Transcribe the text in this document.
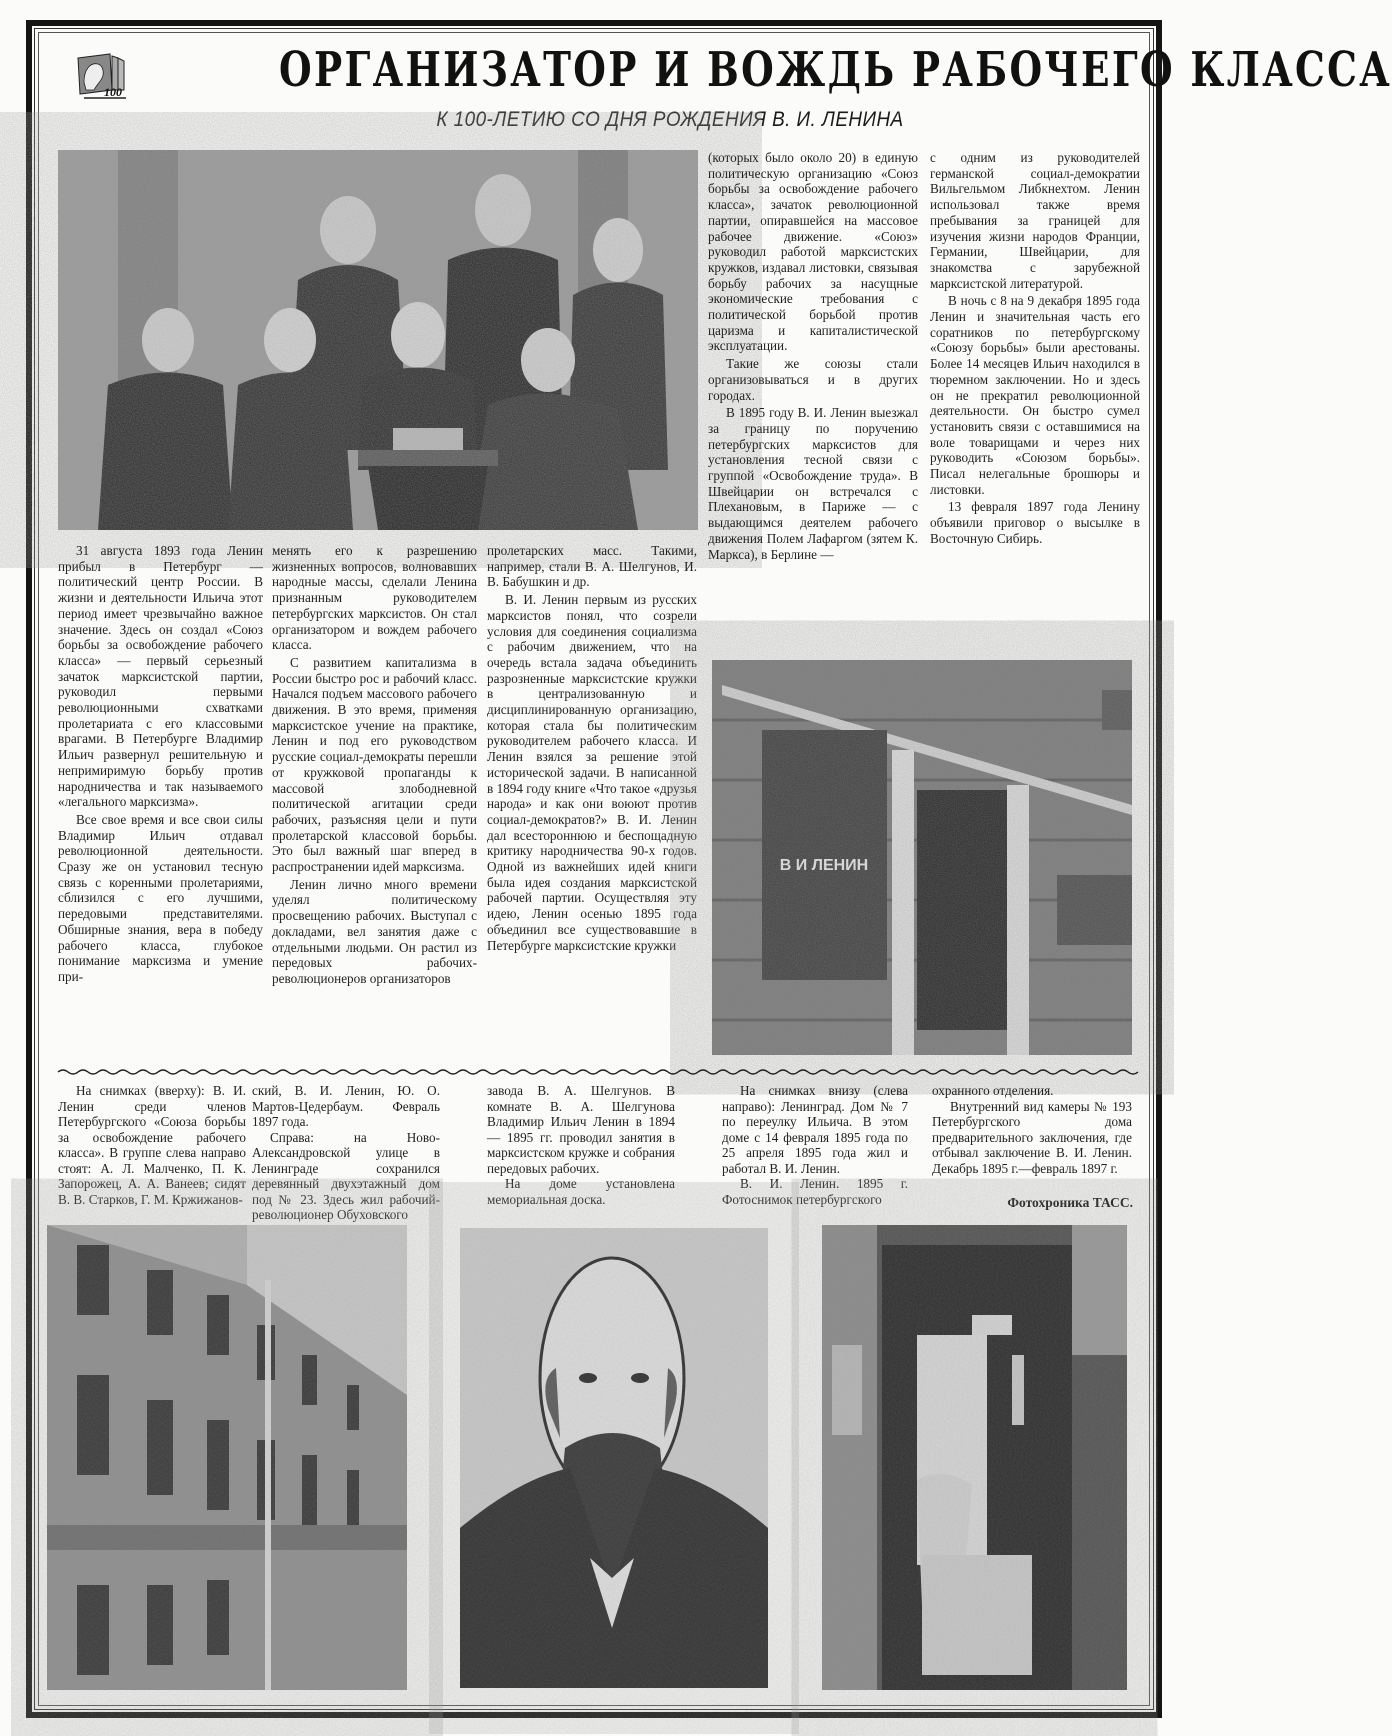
100	ОРГАНИЗАТОР И ВОЖДЬ РАБОЧЕГО КЛАССА
К 100-ЛЕТИЮ СО ДНЯ РОЖДЕНИЯ В. И. ЛЕНИНА

31 августа 1893 года Ленин прибыл в Петербург — политический центр России. В жизни и деятельности Ильича этот период имеет чрезвычайно важное значение. Здесь он создал «Союз борьбы за освобождение рабочего класса» — первый серьезный зачаток марксистской партии, руководил первыми революционными схватками пролетариата с его классовыми врагами. В Петербурге Владимир Ильич развернул решительную и непримиримую борьбу против народничества и так называемого «легального марксизма».

Все свое время и все свои силы Владимир Ильич отдавал революционной деятельности. Сразу же он установил тесную связь с коренными пролетариями, сблизился с его лучшими, передовыми представителями. Обширные знания, вера в победу рабочего класса, глубокое понимание марксизма и умение при-

менять его к разрешению жизненных вопросов, волновавших народные массы, сделали Ленина признанным руководителем петербургских марксистов. Он стал организатором и вождем рабочего класса.

С развитием капитализма в России быстро рос и рабочий класс. Начался подъем массового рабочего движения. В это время, применяя марксистское учение на практике, Ленин и под его руководством русские социал-демократы перешли от кружковой пропаганды к массовой злободневной политической агитации среди рабочих, разъясняя цели и пути пролетарской классовой борьбы. Это был важный шаг вперед в распространении идей марксизма.

Ленин лично много времени уделял политическому просвещению рабочих. Выступал с докладами, вел занятия даже с отдельными людьми. Он растил из передовых рабочих-революционеров организаторов

пролетарских масс. Такими, например, стали В. А. Шелгунов, И. В. Бабушкин и др.

В. И. Ленин первым из русских марксистов понял, что созрели условия для соединения социализма с рабочим движением, что на очередь встала задача объединить разрозненные марксистские кружки в централизованную и дисциплинированную организацию, которая стала бы политическим руководителем рабочего класса. И Ленин взялся за решение этой исторической задачи. В написанной в 1894 году книге «Что такое «друзья народа» и как они воюют против социал-демократов?» В. И. Ленин дал всестороннюю и беспощадную критику народничества 90-х годов. Одной из важнейших идей книги была идея создания марксистской рабочей партии. Осуществляя эту идею, Ленин осенью 1895 года объединил все существовавшие в Петербурге марксистские кружки

(которых было около 20) в единую политическую организацию «Союз борьбы за освобождение рабочего класса», зачаток революционной партии, опиравшейся на массовое рабочее движение. «Союз» руководил работой марксистских кружков, издавал листовки, связывая борьбу рабочих за насущные экономические требования с политической борьбой против царизма и капиталистической эксплуатации.

Такие же союзы стали организовываться и в других городах.

В 1895 году В. И. Ленин выезжал за границу по поручению петербургских марксистов для установления тесной связи с группой «Освобождение труда». В Швейцарии он встречался с Плехановым, в Париже — с выдающимся деятелем рабочего движения Полем Лафаргом (зятем К. Маркса), в Берлине —

с одним из руководителей германской социал-демократии Вильгельмом Либкнехтом. Ленин использовал также время пребывания за границей для изучения жизни народов Франции, Германии, Швейцарии, для знакомства с зарубежной марксистской литературой.

В ночь с 8 на 9 декабря 1895 года Ленин и значительная часть его соратников по петербургскому «Союзу борьбы» были арестованы. Более 14 месяцев Ильич находился в тюремном заключении. Но и здесь он не прекратил революционной деятельности. Он быстро сумел установить связи с оставшимися на воле товарищами и через них руководить «Союзом борьбы». Писал нелегальные брошюры и листовки.

13 февраля 1897 года Ленину объявили приговор о высылке в Восточную Сибирь.

На снимках (вверху): В. И. Ленин среди членов Петербургского «Союза борьбы за освобождение рабочего класса». В группе слева направо стоят: А. Л. Малченко, П. К. Запорожец, А. А. Ванеев; сидят В. В. Старков, Г. М. Кржижанов-

ский, В. И. Ленин, Ю. О. Мартов-Цедербаум. Февраль 1897 года.

Справа: на Ново-Александровской улице в Ленинграде сохранился деревянный двухэтажный дом под № 23. Здесь жил рабочий-революционер Обуховского

завода В. А. Шелгунов. В комнате В. А. Шелгунова Владимир Ильич Ленин в 1894 — 1895 гг. проводил занятия в марксистском кружке и собрания передовых рабочих.

На доме установлена мемориальная доска.

На снимках внизу (слева направо): Ленинград. Дом № 7 по переулку Ильича. В этом доме с 14 февраля 1895 года по 25 апреля 1895 года жил и работал В. И. Ленин.

В. И. Ленин. 1895 г. Фотоснимок петербургского

охранного отделения.

Внутренний вид камеры № 193 Петербургского дома предварительного заключения, где отбывал заключение В. И. Ленин. Декабрь 1895 г.—февраль 1897 г.

Фотохроника ТАСС.
